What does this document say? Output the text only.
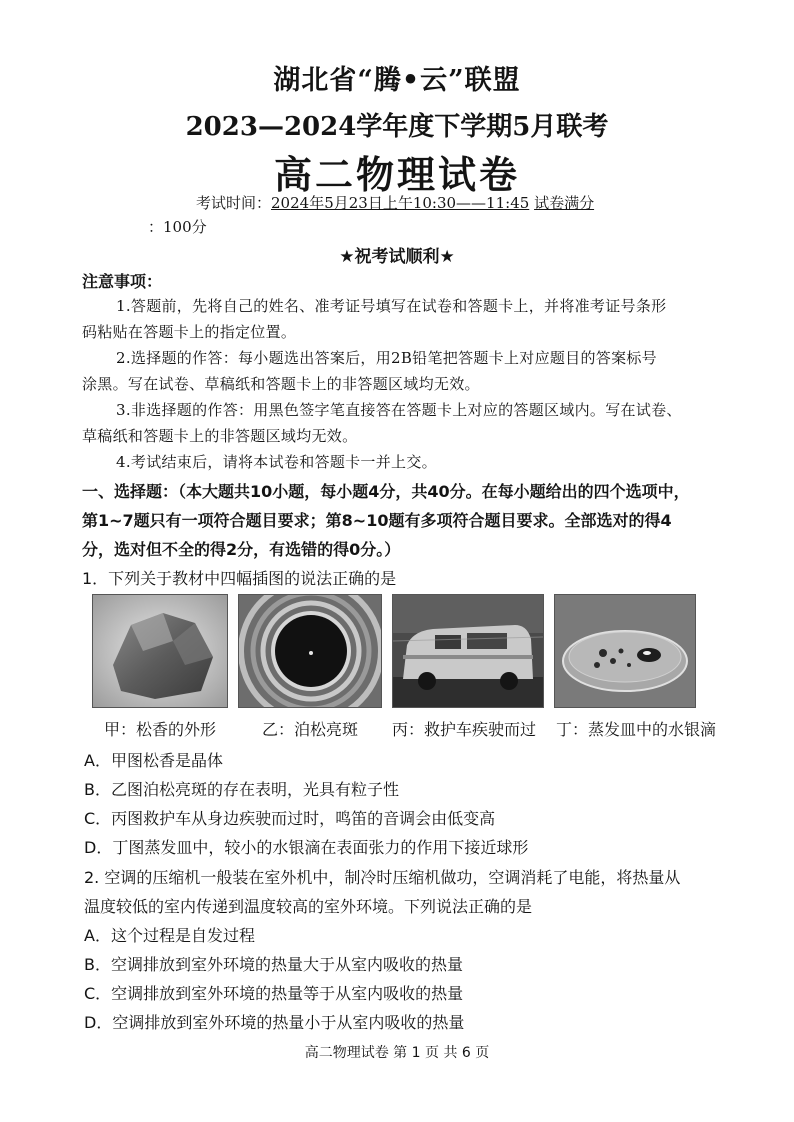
湖北省“腾•云”联盟
2023—2024学年度下学期5月联考
高二物理试卷
考试时间：2024年5月23日上午10:30——11:45 试卷满分
：100分
★祝考试顺利★
注意事项：
1.答题前，先将自己的姓名、准考证号填写在试卷和答题卡上，并将准考证号条形
码粘贴在答题卡上的指定位置。
2.选择题的作答：每小题选出答案后，用2B铅笔把答题卡上对应题目的答案标号
涂黑。写在试卷、草稿纸和答题卡上的非答题区域均无效。
3.非选择题的作答：用黑色签字笔直接答在答题卡上对应的答题区域内。写在试卷、
草稿纸和答题卡上的非答题区域均无效。
4.考试结束后，请将本试卷和答题卡一并上交。
一、选择题：（本大题共10小题，每小题4分，共40分。在每小题给出的四个选项中，
第1~7题只有一项符合题目要求；第8~10题有多项符合题目要求。全部选对的得4
分，选对但不全的得2分，有选错的得0分。）
1．下列关于教材中四幅插图的说法正确的是
甲：松香的外形	乙：泊松亮斑 丙：救护车疾驶而过 丁：蒸发皿中的水银滴
A．甲图松香是晶体
B．乙图泊松亮斑的存在表明，光具有粒子性
C．丙图救护车从身边疾驶而过时，鸣笛的音调会由低变高
D．丁图蒸发皿中，较小的水银滴在表面张力的作用下接近球形
2. 空调的压缩机一般装在室外机中，制冷时压缩机做功，空调消耗了电能，将热量从
温度较低的室内传递到温度较高的室外环境。下列说法正确的是
A．这个过程是自发过程
B．空调排放到室外环境的热量大于从室内吸收的热量
C．空调排放到室外环境的热量等于从室内吸收的热量
D．空调排放到室外环境的热量小于从室内吸收的热量
高二物理试卷 第 1 页 共 6 页
